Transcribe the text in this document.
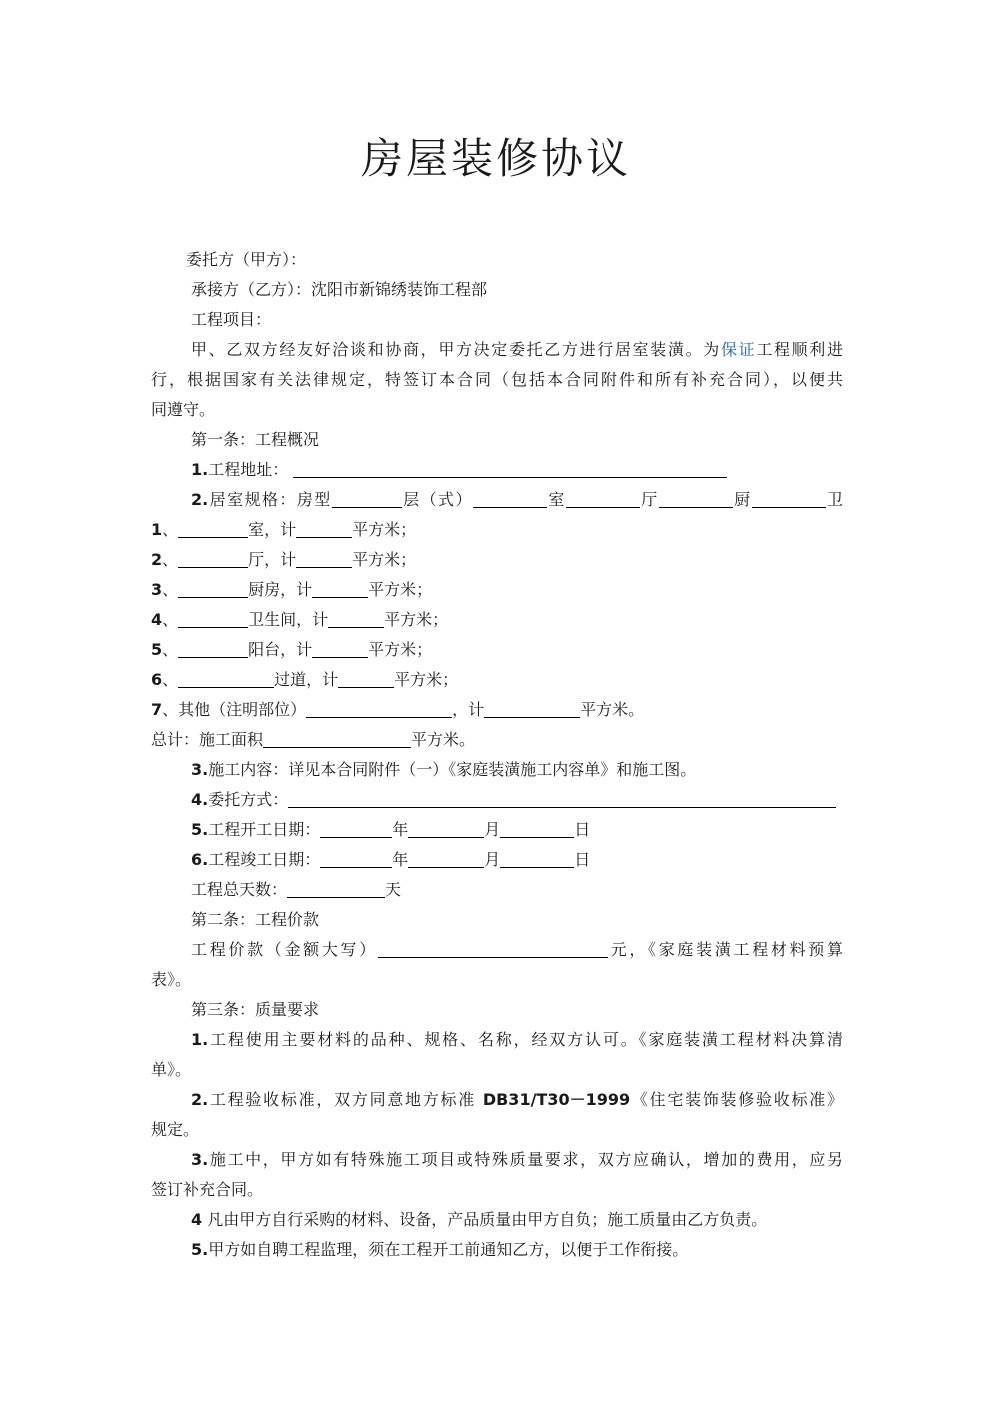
房屋装修协议
委托方（甲方）：
承接方（乙方）：沈阳市新锦绣装饰工程部
工程项目：
甲、乙双方经友好洽谈和协商，甲方决定委托乙方进行居室装潢。为保证工程顺利进
行，根据国家有关法律规定，特签订本合同（包括本合同附件和所有补充合同），以便共
同遵守。
第一条：工程概况
1.工程地址：
2.居室规格：房型	层（式）	室	厅	厨	卫
1、	室，计	平方米；
2、	厅，计	平方米；
3、	厨房，计	平方米；
4、	卫生间，计	平方米；
5、	阳台，计	平方米；
6、	过道，计	平方米；
7、其他（注明部位）	，计	平方米。
总计：施工面积	平方米。
3.施工内容：详见本合同附件（一）《家庭装潢施工内容单》和施工图。
4.委托方式：
5.工程开工日期：	年	月	日
6.工程竣工日期：	年	月	日
工程总天数：	天
第二条：工程价款
工程价款（金额大写）	元，《家庭装潢工程材料预算
表》。
第三条：质量要求
1.工程使用主要材料的品种、规格、名称，经双方认可。《家庭装潢工程材料决算清
单》。
2.工程验收标准，双方同意地方标准 DB31/T30－1999《住宅装饰装修验收标准》
规定。
3.施工中，甲方如有特殊施工项目或特殊质量要求，双方应确认，增加的费用，应另
签订补充合同。
4 凡由甲方自行采购的材料、设备，产品质量由甲方自负；施工质量由乙方负责。
5.甲方如自聘工程监理，须在工程开工前通知乙方，以便于工作衔接。
